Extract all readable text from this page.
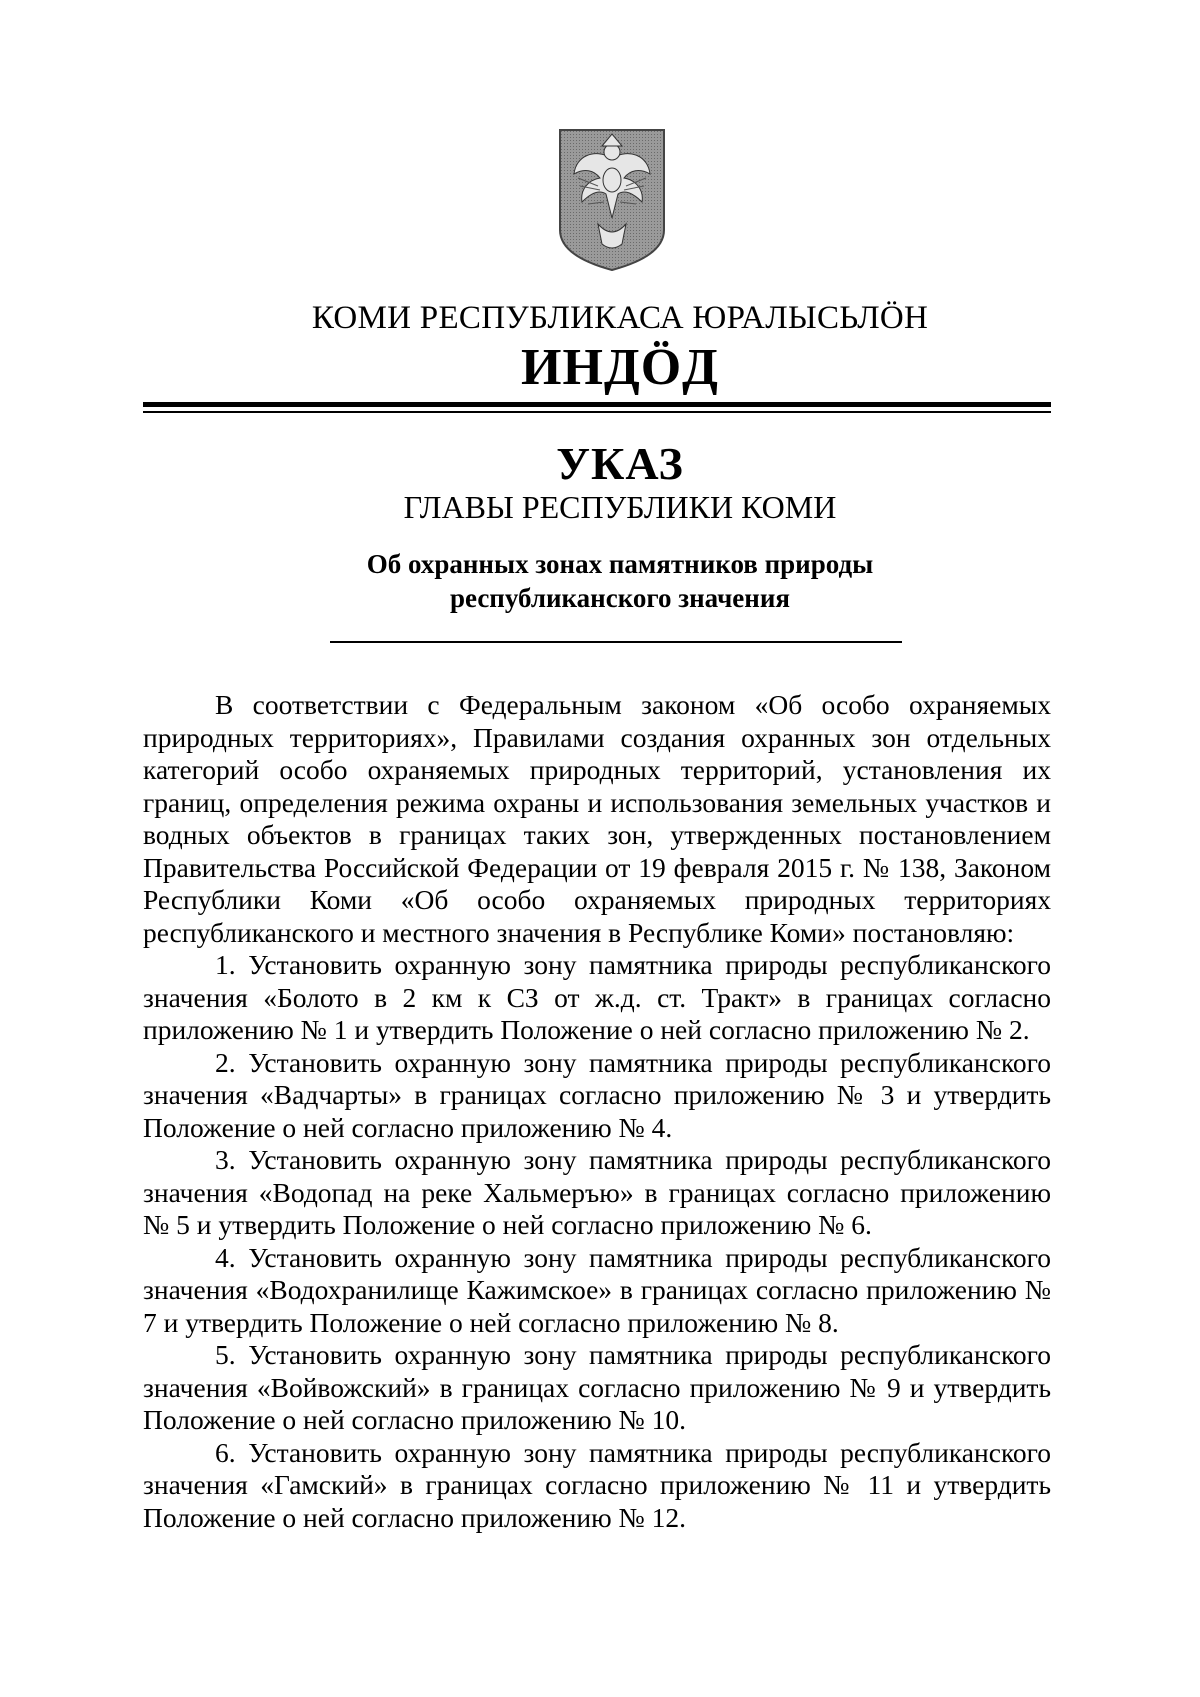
КОМИ РЕСПУБЛИКАСА ЮРАЛЫСЬЛÖН
ИНДÖД
УКАЗ
ГЛАВЫ РЕСПУБЛИКИ КОМИ
Об охранных зонах памятников природы
республиканского значения

В соответствии с Федеральным законом «Об особо охраняемых природных территориях», Правилами создания охранных зон отдельных категорий особо охраняемых природных территорий, установления их границ, определения режима охраны и использования земельных участков и водных объектов в границах таких зон, утвержденных постановлением Правительства Российской Федерации от 19 февраля 2015 г. № 138, Законом Республики Коми «Об особо охраняемых природных территориях республиканского и местного значения в Республике Коми» постановляю:

1. Установить охранную зону памятника природы республиканского значения «Болото в 2 км к СЗ от ж.д. ст. Тракт» в границах согласно приложению № 1 и утвердить Положение о ней согласно приложению № 2.

2. Установить охранную зону памятника природы республиканского значения «Вадчарты» в границах согласно приложению № 3 и утвердить Положение о ней согласно приложению № 4.

3. Установить охранную зону памятника природы республиканского значения «Водопад на реке Хальмеръю» в границах согласно приложению № 5 и утвердить Положение о ней согласно приложению № 6.

4. Установить охранную зону памятника природы республиканского значения «Водохранилище Кажимское» в границах согласно приложению № 7 и утвердить Положение о ней согласно приложению № 8.

5. Установить охранную зону памятника природы республиканского значения «Войвожский» в границах согласно приложению № 9 и утвердить Положение о ней согласно приложению № 10.

6. Установить охранную зону памятника природы республиканского значения «Гамский» в границах согласно приложению № 11 и утвердить Положение о ней согласно приложению № 12.
